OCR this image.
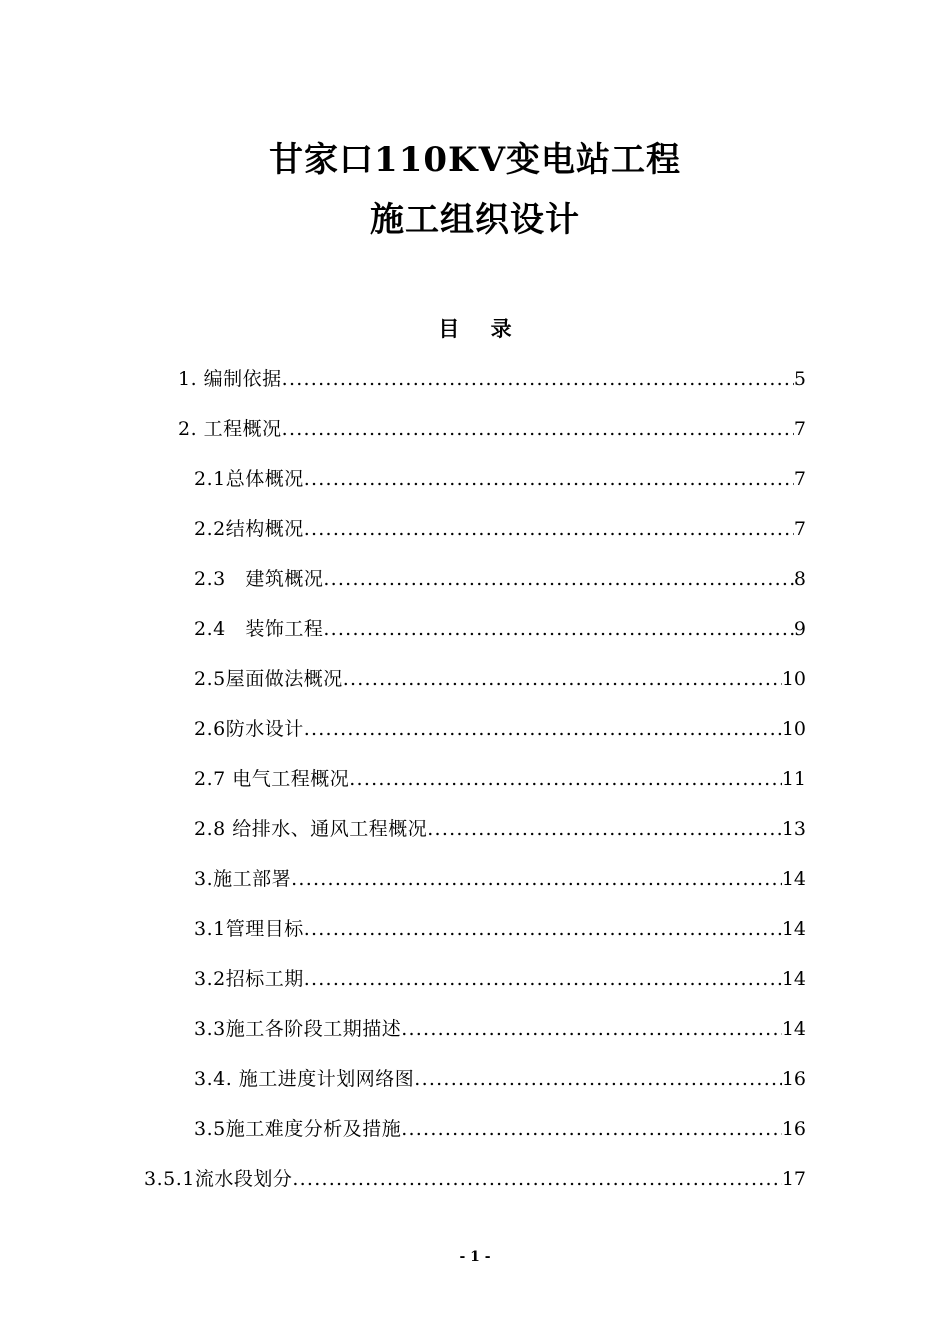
甘家口110KV变电站工程
施工组织设计
目 录
1. 编制依据 . . .	5
2. 工程概况 . . .	7
2.1总体概况 . . .	7
2.2结构概况 . . .	7
2.3   建筑概况 . . .	8
2.4   装饰工程 . . .	9
2.5屋面做法概况 . . .	10
2.6防水设计 . . .	10
2.7 电气工程概况 . . .	11
2.8 给排水、通风工程概况 . . .	13
3.施工部署 . . .	14
3.1管理目标 . . .	14
3.2招标工期 . . .	14
3.3施工各阶段工期描述 . . .	14
3.4. 施工进度计划网络图 . . .	16
3.5施工难度分析及措施 . . .	16
3.5.1流水段划分 . . .	17
- 1 -
